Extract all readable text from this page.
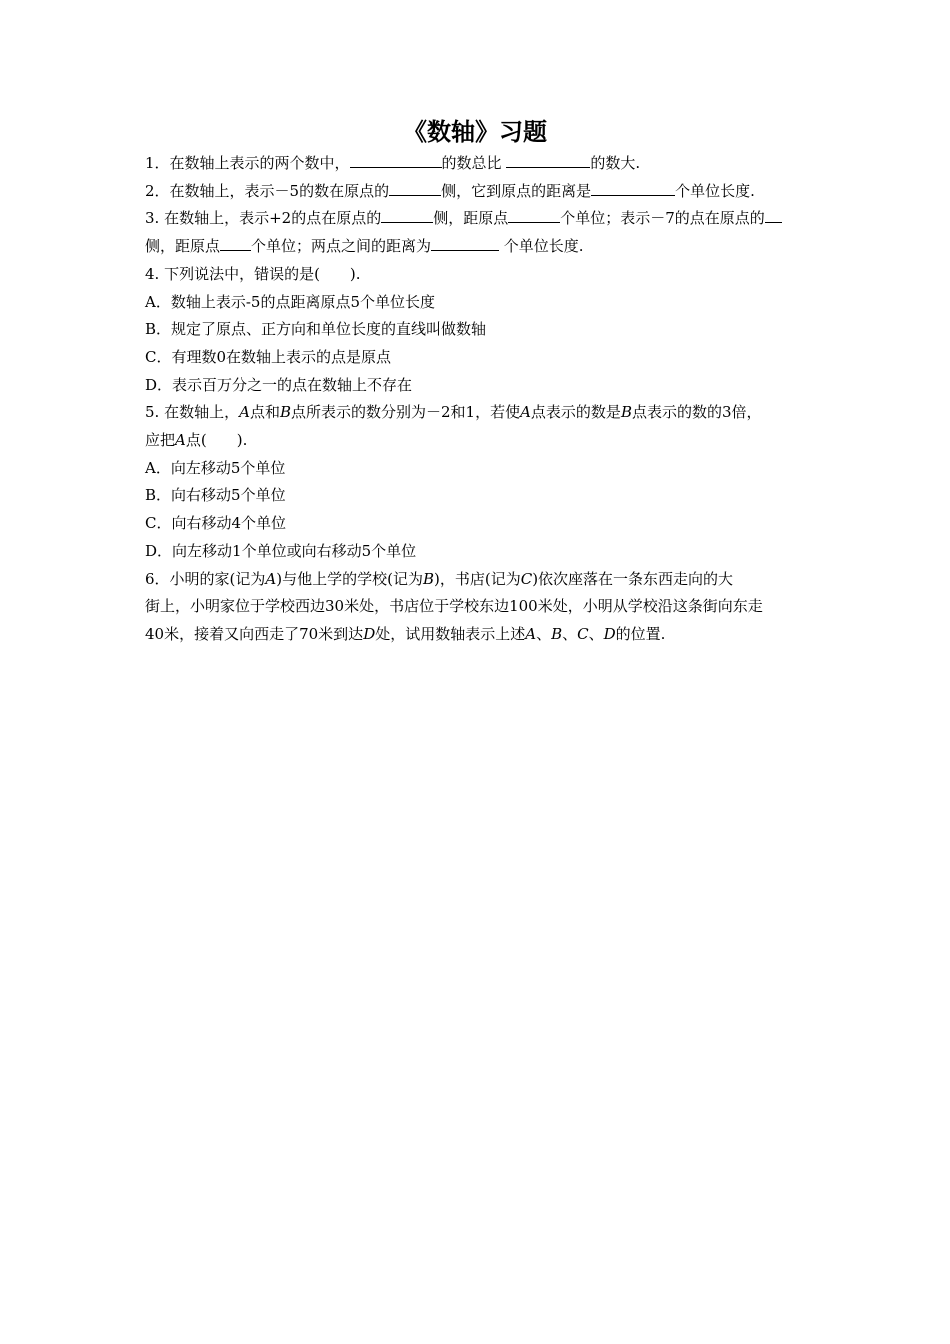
《数轴》习题
1．在数轴上表示的两个数中，	的数总比	的数大.
2．在数轴上，表示－5的数在原点的	侧，它到原点的距离是	个单位长度.
3. 在数轴上，表示+2的点在原点的	侧，距原点	个单位；表示－7的点在原点的
侧，距原点 个单位；两点之间的距离为	个单位长度.
4. 下列说法中，错误的是(　　).
A．数轴上表示-5的点距离原点5个单位长度
B．规定了原点、正方向和单位长度的直线叫做数轴
C．有理数0在数轴上表示的点是原点
D．表示百万分之一的点在数轴上不存在
5. 在数轴上，A点和B点所表示的数分别为－2和1，若使A点表示的数是B点表示的数的3倍，
应把A点(　　).
A．向左移动5个单位
B．向右移动5个单位
C．向右移动4个单位
D．向左移动1个单位或向右移动5个单位
6．小明的家(记为A)与他上学的学校(记为B)，书店(记为C)依次座落在一条东西走向的大
街上，小明家位于学校西边30米处，书店位于学校东边100米处，小明从学校沿这条街向东走
40米，接着又向西走了70米到达D处，试用数轴表示上述A、B、C、D的位置.
